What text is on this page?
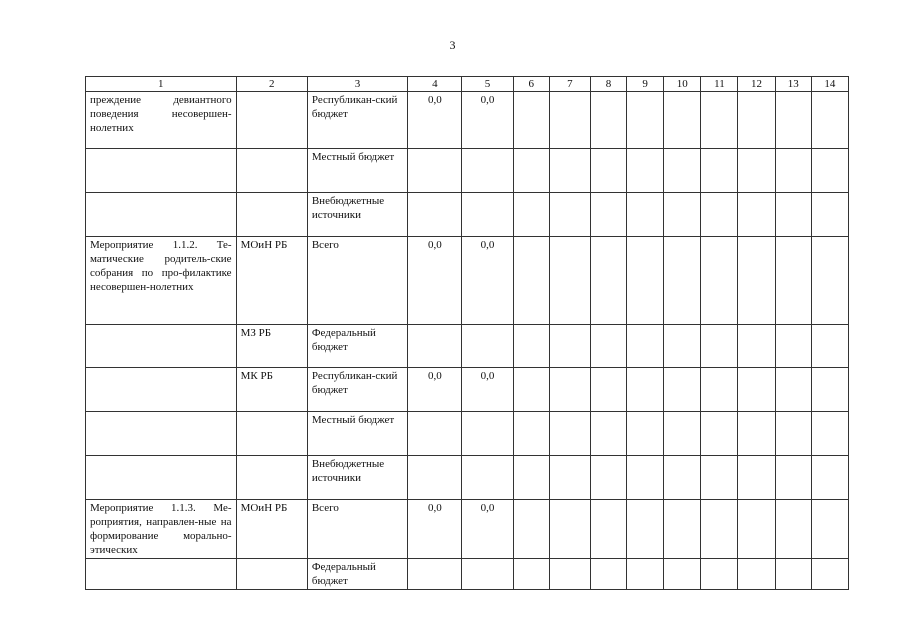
3
1	2	3	4	5	6	7	8	9	10	11	12	13	14
преждение девиантного поведения несовершен-нолетних		Республикан-ский бюджет	0,0	0,0									
		Местный бюджет											
		Внебюджетные источники											
Мероприятие 1.1.2. Те-матические родитель-ские собрания по про-филактике несовершен-нолетних	МОиН РБ	Всего	0,0	0,0									
	МЗ РБ	Федеральный бюджет											
	МК РБ	Республикан-ский бюджет	0,0	0,0									
		Местный бюджет											
		Внебюджетные источники											
Мероприятие 1.1.3. Ме-роприятия, направлен-ные на формирование морально-этических	МОиН РБ	Всего	0,0	0,0									
		Федеральный бюджет											
